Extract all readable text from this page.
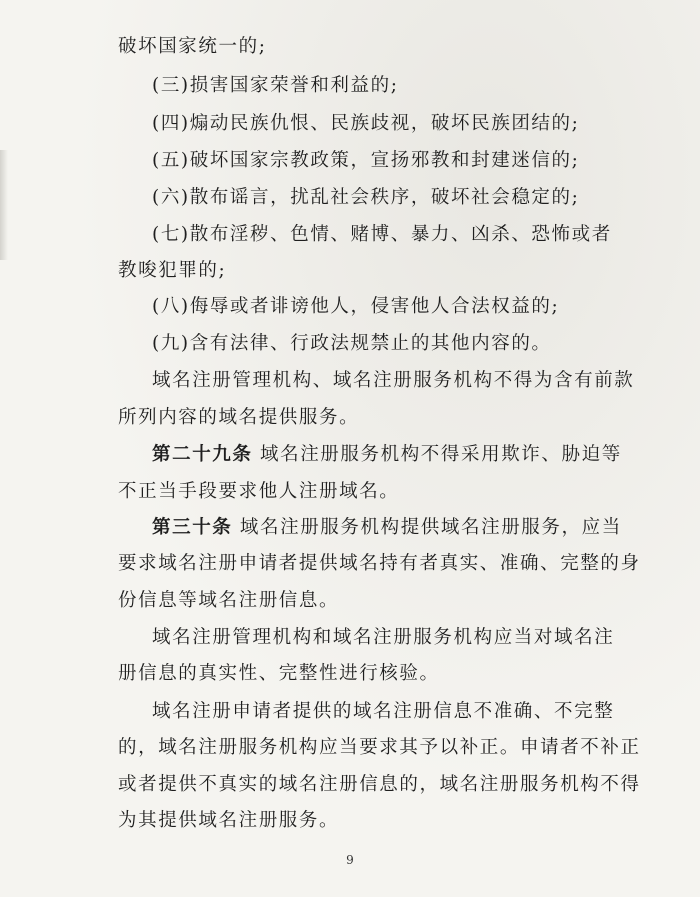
破坏国家统一的;
(三)损害国家荣誉和利益的;
(四)煽动民族仇恨、民族歧视，破坏民族团结的;
(五)破坏国家宗教政策，宣扬邪教和封建迷信的;
(六)散布谣言，扰乱社会秩序，破坏社会稳定的;
(七)散布淫秽、色情、赌博、暴力、凶杀、恐怖或者
教唆犯罪的;
(八)侮辱或者诽谤他人，侵害他人合法权益的;
(九)含有法律、行政法规禁止的其他内容的。
域名注册管理机构、域名注册服务机构不得为含有前款
所列内容的域名提供服务。
第二十九条 域名注册服务机构不得采用欺诈、胁迫等
不正当手段要求他人注册域名。
第三十条 域名注册服务机构提供域名注册服务，应当
要求域名注册申请者提供域名持有者真实、准确、完整的身
份信息等域名注册信息。
域名注册管理机构和域名注册服务机构应当对域名注
册信息的真实性、完整性进行核验。
域名注册申请者提供的域名注册信息不准确、不完整
的，域名注册服务机构应当要求其予以补正。申请者不补正
或者提供不真实的域名注册信息的，域名注册服务机构不得
为其提供域名注册服务。
9
